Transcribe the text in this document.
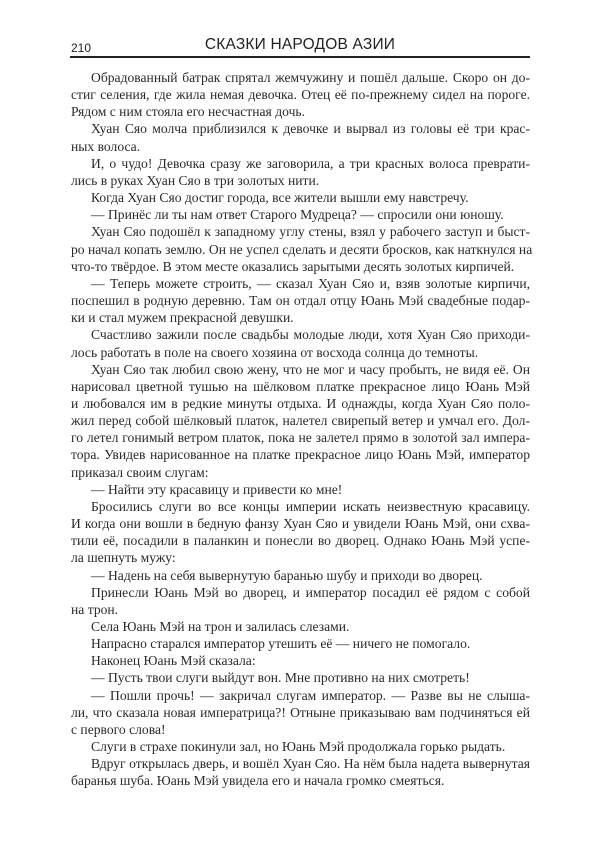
210	СКАЗКИ НАРОДОВ АЗИИ
Обрадованный батрак спрятал жемчужину и пошёл дальше. Скоро он до-
стиг селения, где жила немая девочка. Отец её по-прежнему сидел на пороге.
Рядом с ним стояла его несчастная дочь.
Хуан Сяо молча приблизился к девочке и вырвал из головы её три крас-
ных волоса.
И, о чудо! Девочка сразу же заговорила, а три красных волоса преврати-
лись в руках Хуан Сяо в три золотых нити.
Когда Хуан Сяо достиг города, все жители вышли ему навстречу.
— Принёс ли ты нам ответ Старого Мудреца? — спросили они юношу.
Хуан Сяо подошёл к западному углу стены, взял у рабочего заступ и быст-
ро начал копать землю. Он не успел сделать и десяти бросков, как наткнулся на
что-то твёрдое. В этом месте оказались зарытыми десять золотых кирпичей.
— Теперь можете строить, — сказал Хуан Сяо и, взяв золотые кирпичи,
поспешил в родную деревню. Там он отдал отцу Юань Мэй свадебные подар-
ки и стал мужем прекрасной девушки.
Счастливо зажили после свадьбы молодые люди, хотя Хуан Сяо приходи-
лось работать в поле на своего хозяина от восхода солнца до темноты.
Хуан Сяо так любил свою жену, что не мог и часу пробыть, не видя её. Он
нарисовал цветной тушью на шёлковом платке прекрасное лицо Юань Мэй
и любовался им в редкие минуты отдыха. И однажды, когда Хуан Сяо поло-
жил перед собой шёлковый платок, налетел свирепый ветер и умчал его. Дол-
го летел гонимый ветром платок, пока не залетел прямо в золотой зал импера-
тора. Увидев нарисованное на платке прекрасное лицо Юань Мэй, император
приказал своим слугам:
— Найти эту красавицу и привести ко мне!
Бросились слуги во все концы империи искать неизвестную красавицу.
И когда они вошли в бедную фанзу Хуан Сяо и увидели Юань Мэй, они схва-
тили её, посадили в паланкин и понесли во дворец. Однако Юань Мэй успе-
ла шепнуть мужу:
— Надень на себя вывернутую баранью шубу и приходи во дворец.
Принесли Юань Мэй во дворец, и император посадил её рядом с собой
на трон.
Села Юань Мэй на трон и залилась слезами.
Напрасно старался император утешить её — ничего не помогало.
Наконец Юань Мэй сказала:
— Пусть твои слуги выйдут вон. Мне противно на них смотреть!
— Пошли прочь! — закричал слугам император. — Разве вы не слыша-
ли, что сказала новая императрица?! Отныне приказываю вам подчиняться ей
с первого слова!
Слуги в страхе покинули зал, но Юань Мэй продолжала горько рыдать.
Вдруг открылась дверь, и вошёл Хуан Сяо. На нём была надета вывернутая
баранья шуба. Юань Мэй увидела его и начала громко смеяться.
